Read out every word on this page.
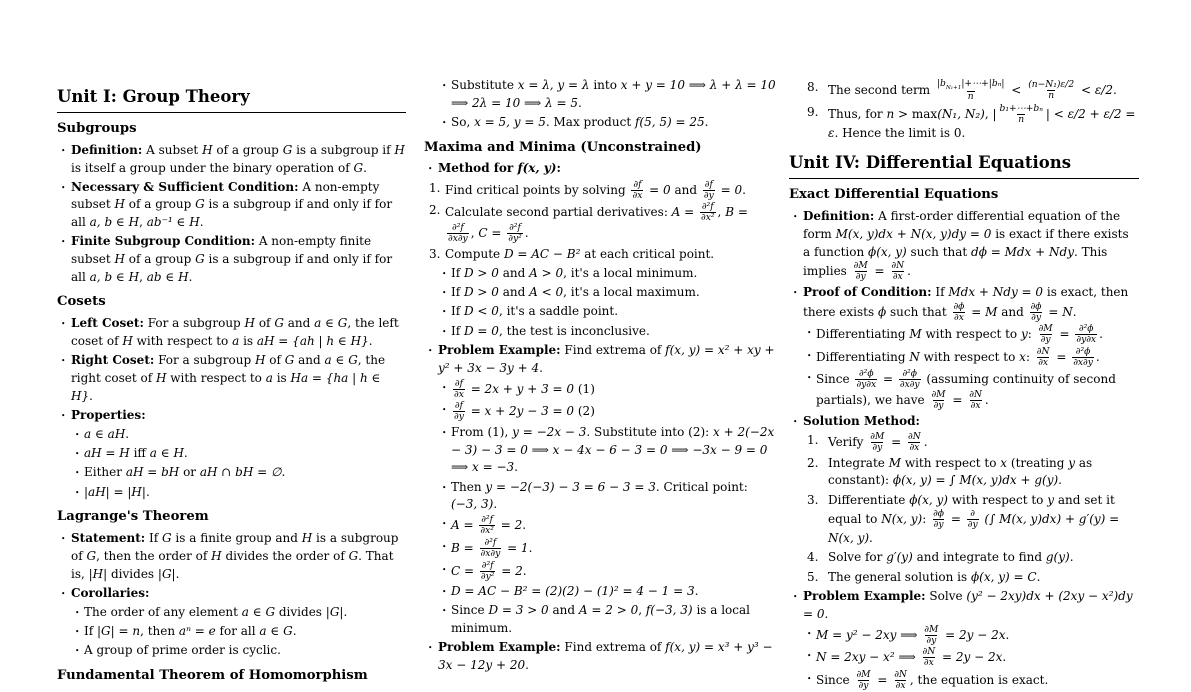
Unit I: Group Theory
Subgroups
• Definition: A subset H of a group G is a subgroup if H is itself a group under the binary operation of G.
• Necessary & Sufficient Condition: A non-empty subset H of a group G is a subgroup if and only if for all a, b ∈ H, ab⁻¹ ∈ H.
• Finite Subgroup Condition: A non-empty finite subset H of a group G is a subgroup if and only if for all a, b ∈ H, ab ∈ H.
Cosets
• Left Coset: For a subgroup H of G and a ∈ G, the left coset of H with respect to a is aH = {ah | h ∈ H}.
• Right Coset: For a subgroup H of G and a ∈ G, the right coset of H with respect to a is Ha = {ha | h ∈ H}.
• Properties:
• a ∈ aH.
• aH = H iff a ∈ H.
• Either aH = bH or aH ∩ bH = ∅.
• |aH| = |H|.
Lagrange's Theorem
• Statement: If G is a finite group and H is a subgroup of G, then the order of H divides the order of G. That is, |H| divides |G|.
• Corollaries:
• The order of any element a ∈ G divides |G|.
• If |G| = n, then aⁿ = e for all a ∈ G.
• A group of prime order is cyclic.
Fundamental Theorem of Homomorphism
• Substitute x = λ, y = λ into x + y = 10 ⟹ λ + λ = 10 ⟹ 2λ = 10 ⟹ λ = 5.
• So, x = 5, y = 5. Max product f(5, 5) = 25.
Maxima and Minima (Unconstrained)
• Method for f(x, y):
1. Find critical points by solving $\frac{\partial f}{\partial x} = 0$ and $\frac{\partial f}{\partial y} = 0$.
2. Calculate second partial derivatives: $A = \frac{\text{∂²f}}{\text{∂x²}}$ , B =
$\frac{\text{∂²f}}{\partial x\partial y}$ , $C = \frac{\text{∂²f}}{\text{∂y²}}$ .
3. Compute D = AC − B² at each critical point.
• If D > 0 and A > 0, it's a local minimum.
• If D > 0 and A < 0, it's a local maximum.
• If D < 0, it's a saddle point.
• If D = 0, the test is inconclusive.
• Problem Example: Find extrema of f(x, y) = x² + xy + y² + 3x − 3y + 4.
• $\frac{\partial f}{\partial x} = 2x + y + 3 = 0$ (1)
• $\frac{\partial f}{\partial y} = x + 2y - 3 = 0$ (2)
• From (1), y = −2x − 3. Substitute into (2): x + 2(−2x − 3) − 3 = 0 ⟹ x − 4x − 6 − 3 = 0 ⟹ −3x − 9 = 0 ⟹ x = −3.
• Then y = −2(−3) − 3 = 6 − 3 = 3. Critical point: (−3, 3).
• $A = \frac{\text{∂²f}}{\text{∂x²}} = 2$.
• $B = \frac{\text{∂²f}}{\partial x\partial y} = 1$.
• $C = \frac{\text{∂²f}}{\text{∂y²}} = 2$.
• D = AC − B² = (2)(2) − (1)² = 4 − 1 = 3.
• Since D = 3 > 0 and A = 2 > 0, f(−3, 3) is a local minimum.
• Problem Example: Find extrema of f(x, y) = x³ + y³ − 3x − 12y + 20.
8. The second term $\frac{|b_{N_1+1}|+\cdots+|b_n|}{n} < \frac{\text{(n−N₁)ε/2}}{n} < \varepsilon/2$.
9. Thus, for n > max(N₁, N₂), | $\frac{\text{b₁+⋯+bₙ}}{n}$ | < ε/2 + ε/2 = ε. Hence the limit is 0.
Unit IV: Differential Equations
Exact Differential Equations
• Definition: A first-order differential equation of the form M(x, y)dx + N(x, y)dy = 0 is exact if there exists a function ϕ(x, y) such that dϕ = Mdx + Ndy. This implies $\frac{\partial M}{\partial y} = \frac{\partial N}{\partial x}$ .
• Proof of Condition: If Mdx + Ndy = 0 is exact, then there exists ϕ such that $\frac{\partial\phi}{\partial x} = M$ and $\frac{\partial\phi}{\partial y} = N$.
• Differentiating M with respect to y: $\frac{\partial M}{\partial y} = \frac{\text{∂²ϕ}}{\partial y\partial x}$ .
• Differentiating N with respect to x: $\frac{\partial N}{\partial x} = \frac{\text{∂²ϕ}}{\partial x\partial y}$ .
• Since $\frac{\text{∂²ϕ}}{\partial y\partial x} = \frac{\text{∂²ϕ}}{\partial x\partial y}$ (assuming continuity of second partials), we have $\frac{\partial M}{\partial y} = \frac{\partial N}{\partial x}$ .
• Solution Method:
1. Verify $\frac{\partial M}{\partial y} = \frac{\partial N}{\partial x}$ .
2. Integrate M with respect to x (treating y as constant): ϕ(x, y) = ∫ M(x, y)dx + g(y).
3. Differentiate ϕ(x, y) with respect to y and set it equal to N(x, y): $\frac{\partial\phi}{\partial y}$ = ∂
∂y (∫ M(x, y)dx) + g′(y) = N(x, y).
4. Solve for g′(y) and integrate to find g(y).
5. The general solution is ϕ(x, y) = C.
• Problem Example: Solve (y² − 2xy)dx + (2xy − x²)dy = 0.
• M = y² − 2xy ⟹ $\frac{\partial M}{\partial y} = 2y - 2x$.
• N = 2xy − x² ⟹ $\frac{\partial N}{\partial x} = 2y - 2x$.
• Since $\frac{\partial M}{\partial y} = \frac{\partial N}{\partial x}$ , the equation is exact.
